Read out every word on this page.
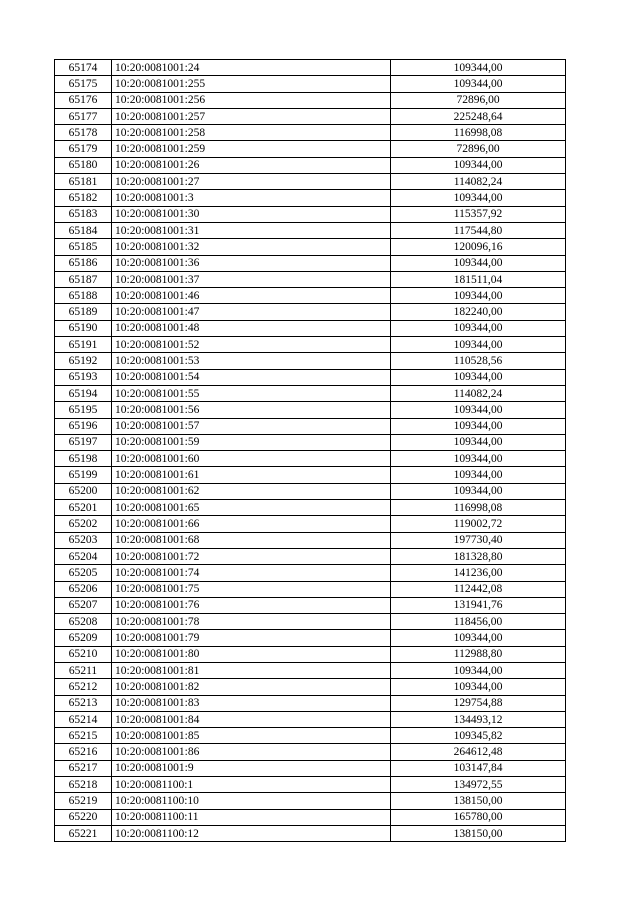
65174	10:20:0081001:24	109344,00
65175	10:20:0081001:255	109344,00
65176	10:20:0081001:256	72896,00
65177	10:20:0081001:257	225248,64
65178	10:20:0081001:258	116998,08
65179	10:20:0081001:259	72896,00
65180	10:20:0081001:26	109344,00
65181	10:20:0081001:27	114082,24
65182	10:20:0081001:3	109344,00
65183	10:20:0081001:30	115357,92
65184	10:20:0081001:31	117544,80
65185	10:20:0081001:32	120096,16
65186	10:20:0081001:36	109344,00
65187	10:20:0081001:37	181511,04
65188	10:20:0081001:46	109344,00
65189	10:20:0081001:47	182240,00
65190	10:20:0081001:48	109344,00
65191	10:20:0081001:52	109344,00
65192	10:20:0081001:53	110528,56
65193	10:20:0081001:54	109344,00
65194	10:20:0081001:55	114082,24
65195	10:20:0081001:56	109344,00
65196	10:20:0081001:57	109344,00
65197	10:20:0081001:59	109344,00
65198	10:20:0081001:60	109344,00
65199	10:20:0081001:61	109344,00
65200	10:20:0081001:62	109344,00
65201	10:20:0081001:65	116998,08
65202	10:20:0081001:66	119002,72
65203	10:20:0081001:68	197730,40
65204	10:20:0081001:72	181328,80
65205	10:20:0081001:74	141236,00
65206	10:20:0081001:75	112442,08
65207	10:20:0081001:76	131941,76
65208	10:20:0081001:78	118456,00
65209	10:20:0081001:79	109344,00
65210	10:20:0081001:80	112988,80
65211	10:20:0081001:81	109344,00
65212	10:20:0081001:82	109344,00
65213	10:20:0081001:83	129754,88
65214	10:20:0081001:84	134493,12
65215	10:20:0081001:85	109345,82
65216	10:20:0081001:86	264612,48
65217	10:20:0081001:9	103147,84
65218	10:20:0081100:1	134972,55
65219	10:20:0081100:10	138150,00
65220	10:20:0081100:11	165780,00
65221	10:20:0081100:12	138150,00
